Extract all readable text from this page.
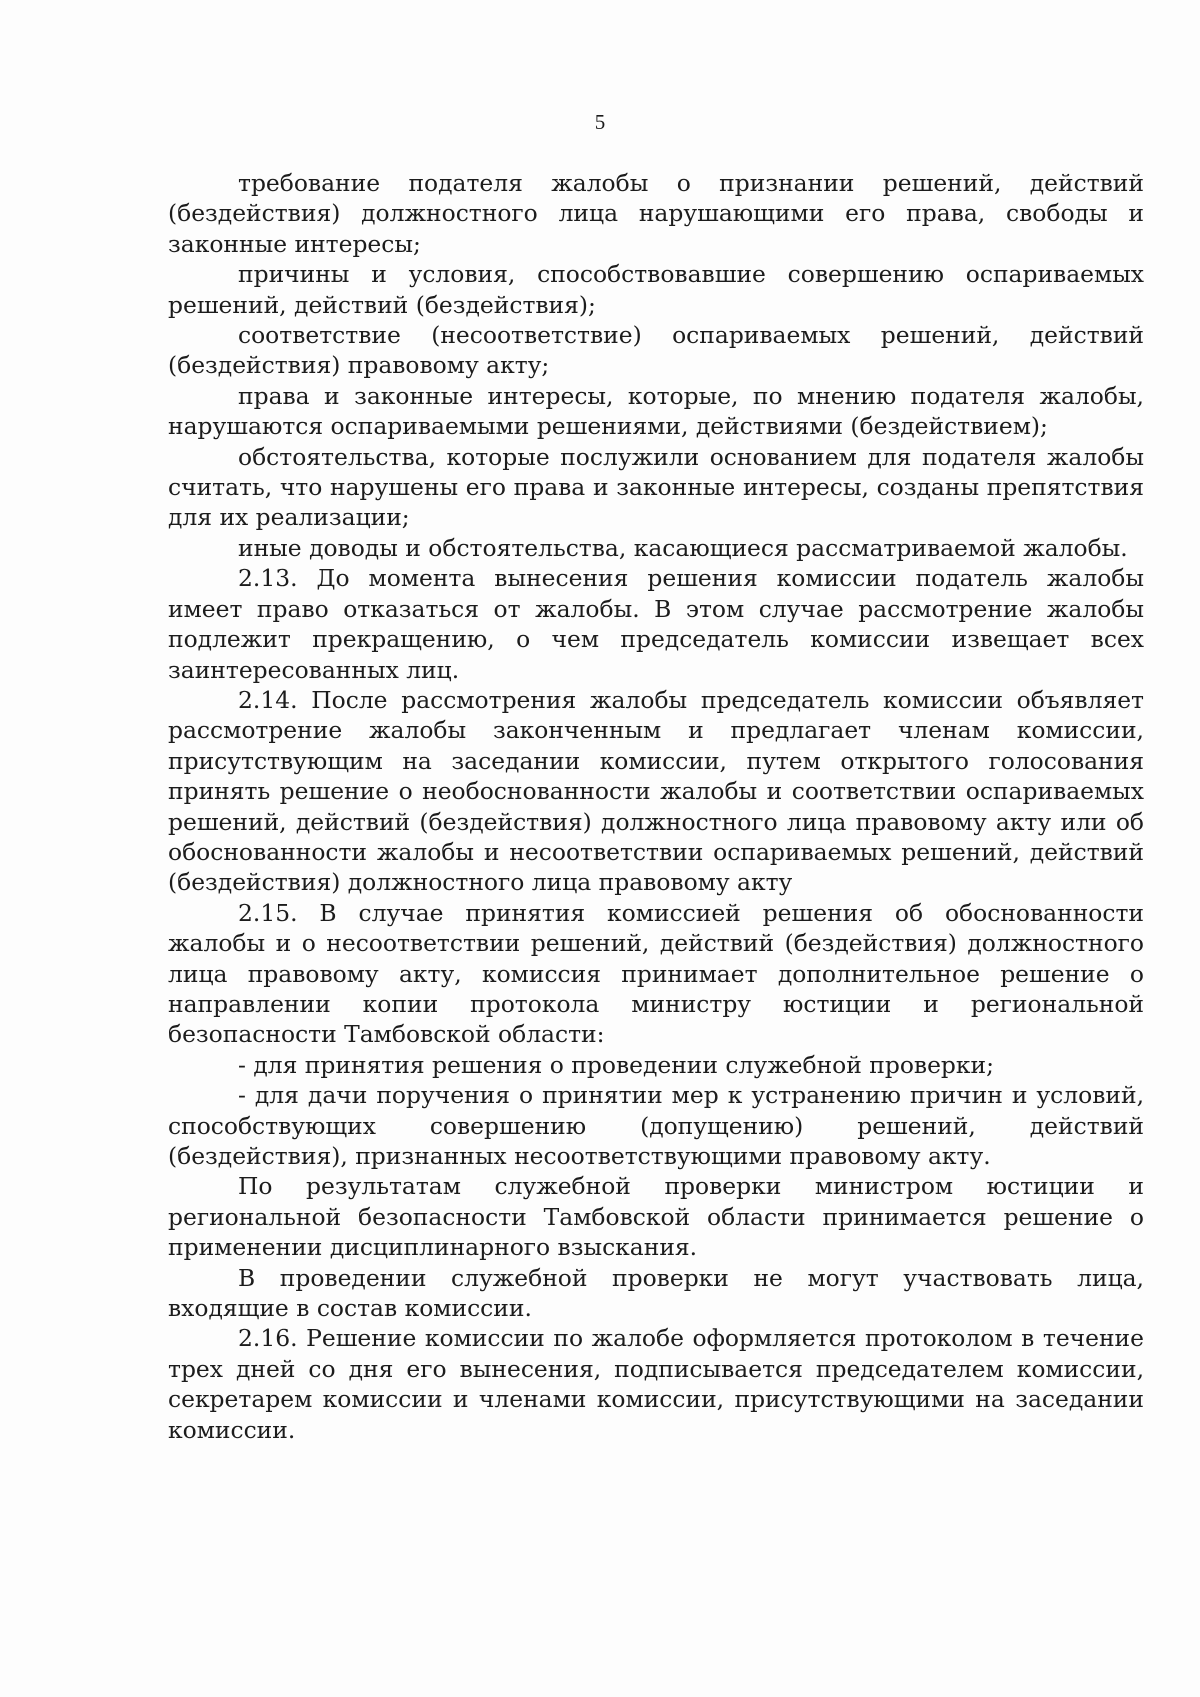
5

требование подателя жалобы о признании решений, действий (бездействия) должностного лица нарушающими его права, свободы и законные интересы;

причины и условия, способствовавшие совершению оспариваемых решений, действий (бездействия);

соответствие (несоответствие) оспариваемых решений, действий (бездействия) правовому акту;

права и законные интересы, которые, по мнению подателя жалобы, нарушаются оспариваемыми решениями, действиями (бездействием);

обстоятельства, которые послужили основанием для подателя жалобы считать, что нарушены его права и законные интересы, созданы препятствия для их реализации;

иные доводы и обстоятельства, касающиеся рассматриваемой жалобы.

2.13. До момента вынесения решения комиссии податель жалобы имеет право отказаться от жалобы. В этом случае рассмотрение жалобы подлежит прекращению, о чем председатель комиссии извещает всех заинтересованных лиц.

2.14. После рассмотрения жалобы председатель комиссии объявляет рассмотрение жалобы законченным и предлагает членам комиссии, присутствующим на заседании комиссии, путем открытого голосования принять решение о необоснованности жалобы и соответствии оспариваемых решений, действий (бездействия) должностного лица правовому акту или об обоснованности жалобы и несоответствии оспариваемых решений, действий (бездействия) должностного лица правовому акту

2.15. В случае принятия комиссией решения об обоснованности жалобы и о несоответствии решений, действий (бездействия) должностного лица правовому акту, комиссия принимает дополнительное решение о направлении копии протокола министру юстиции и региональной безопасности Тамбовской области:

- для принятия решения о проведении служебной проверки;

- для дачи поручения о принятии мер к устранению причин и условий, способствующих совершению (допущению) решений, действий (бездействия), признанных несоответствующими правовому акту.

По результатам служебной проверки министром юстиции и региональной безопасности Тамбовской области принимается решение о применении дисциплинарного взыскания.

В проведении служебной проверки не могут участвовать лица, входящие в состав комиссии.

2.16. Решение комиссии по жалобе оформляется протоколом в течение трех дней со дня его вынесения, подписывается председателем комиссии, секретарем комиссии и членами комиссии, присутствующими на заседании комиссии.
